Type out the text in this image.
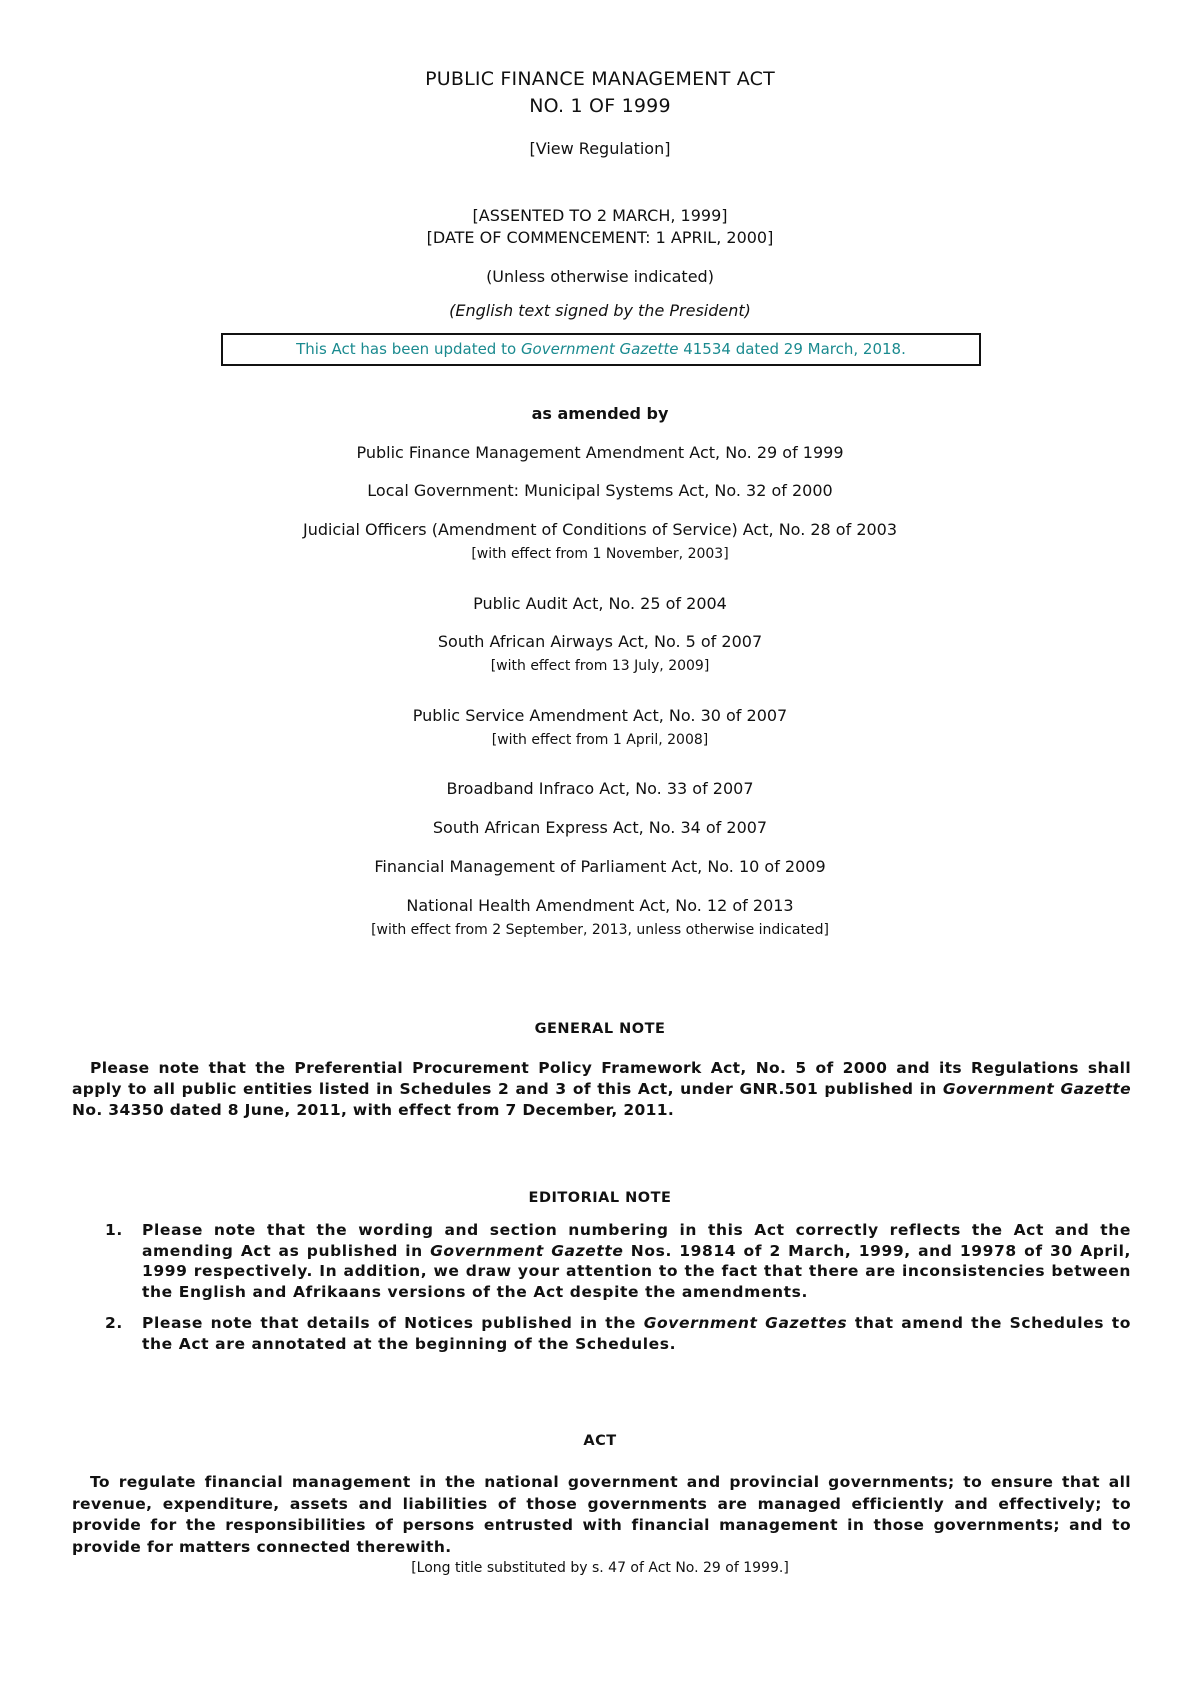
PUBLIC FINANCE MANAGEMENT ACT
NO. 1 OF 1999
[View Regulation]
[ASSENTED TO 2 MARCH, 1999]
[DATE OF COMMENCEMENT: 1 APRIL, 2000]
(Unless otherwise indicated)
(English text signed by the President)
This Act has been updated to Government Gazette 41534 dated 29 March, 2018.
as amended by
Public Finance Management Amendment Act, No. 29 of 1999
Local Government: Municipal Systems Act, No. 32 of 2000
Judicial Officers (Amendment of Conditions of Service) Act, No. 28 of 2003
[with effect from 1 November, 2003]
Public Audit Act, No. 25 of 2004
South African Airways Act, No. 5 of 2007
[with effect from 13 July, 2009]
Public Service Amendment Act, No. 30 of 2007
[with effect from 1 April, 2008]
Broadband Infraco Act, No. 33 of 2007
South African Express Act, No. 34 of 2007
Financial Management of Parliament Act, No. 10 of 2009
National Health Amendment Act, No. 12 of 2013
[with effect from 2 September, 2013, unless otherwise indicated]
GENERAL NOTE
Please note that the Preferential Procurement Policy Framework Act, No. 5 of 2000 and its Regulations shall apply to all public entities listed in Schedules 2 and 3 of this Act, under GNR.501 published in Government Gazette No. 34350 dated 8 June, 2011, with effect from 7 December, 2011.
EDITORIAL NOTE
1. Please note that the wording and section numbering in this Act correctly reflects the Act and the amending Act as published in Government Gazette Nos. 19814 of 2 March, 1999, and 19978 of 30 April, 1999 respectively. In addition, we draw your attention to the fact that there are inconsistencies between the English and Afrikaans versions of the Act despite the amendments.
2. Please note that details of Notices published in the Government Gazettes that amend the Schedules to the Act are annotated at the beginning of the Schedules.
ACT
To regulate financial management in the national government and provincial governments; to ensure that all revenue, expenditure, assets and liabilities of those governments are managed efficiently and effectively; to provide for the responsibilities of persons entrusted with financial management in those governments; and to provide for matters connected therewith.
[Long title substituted by s. 47 of Act No. 29 of 1999.]
